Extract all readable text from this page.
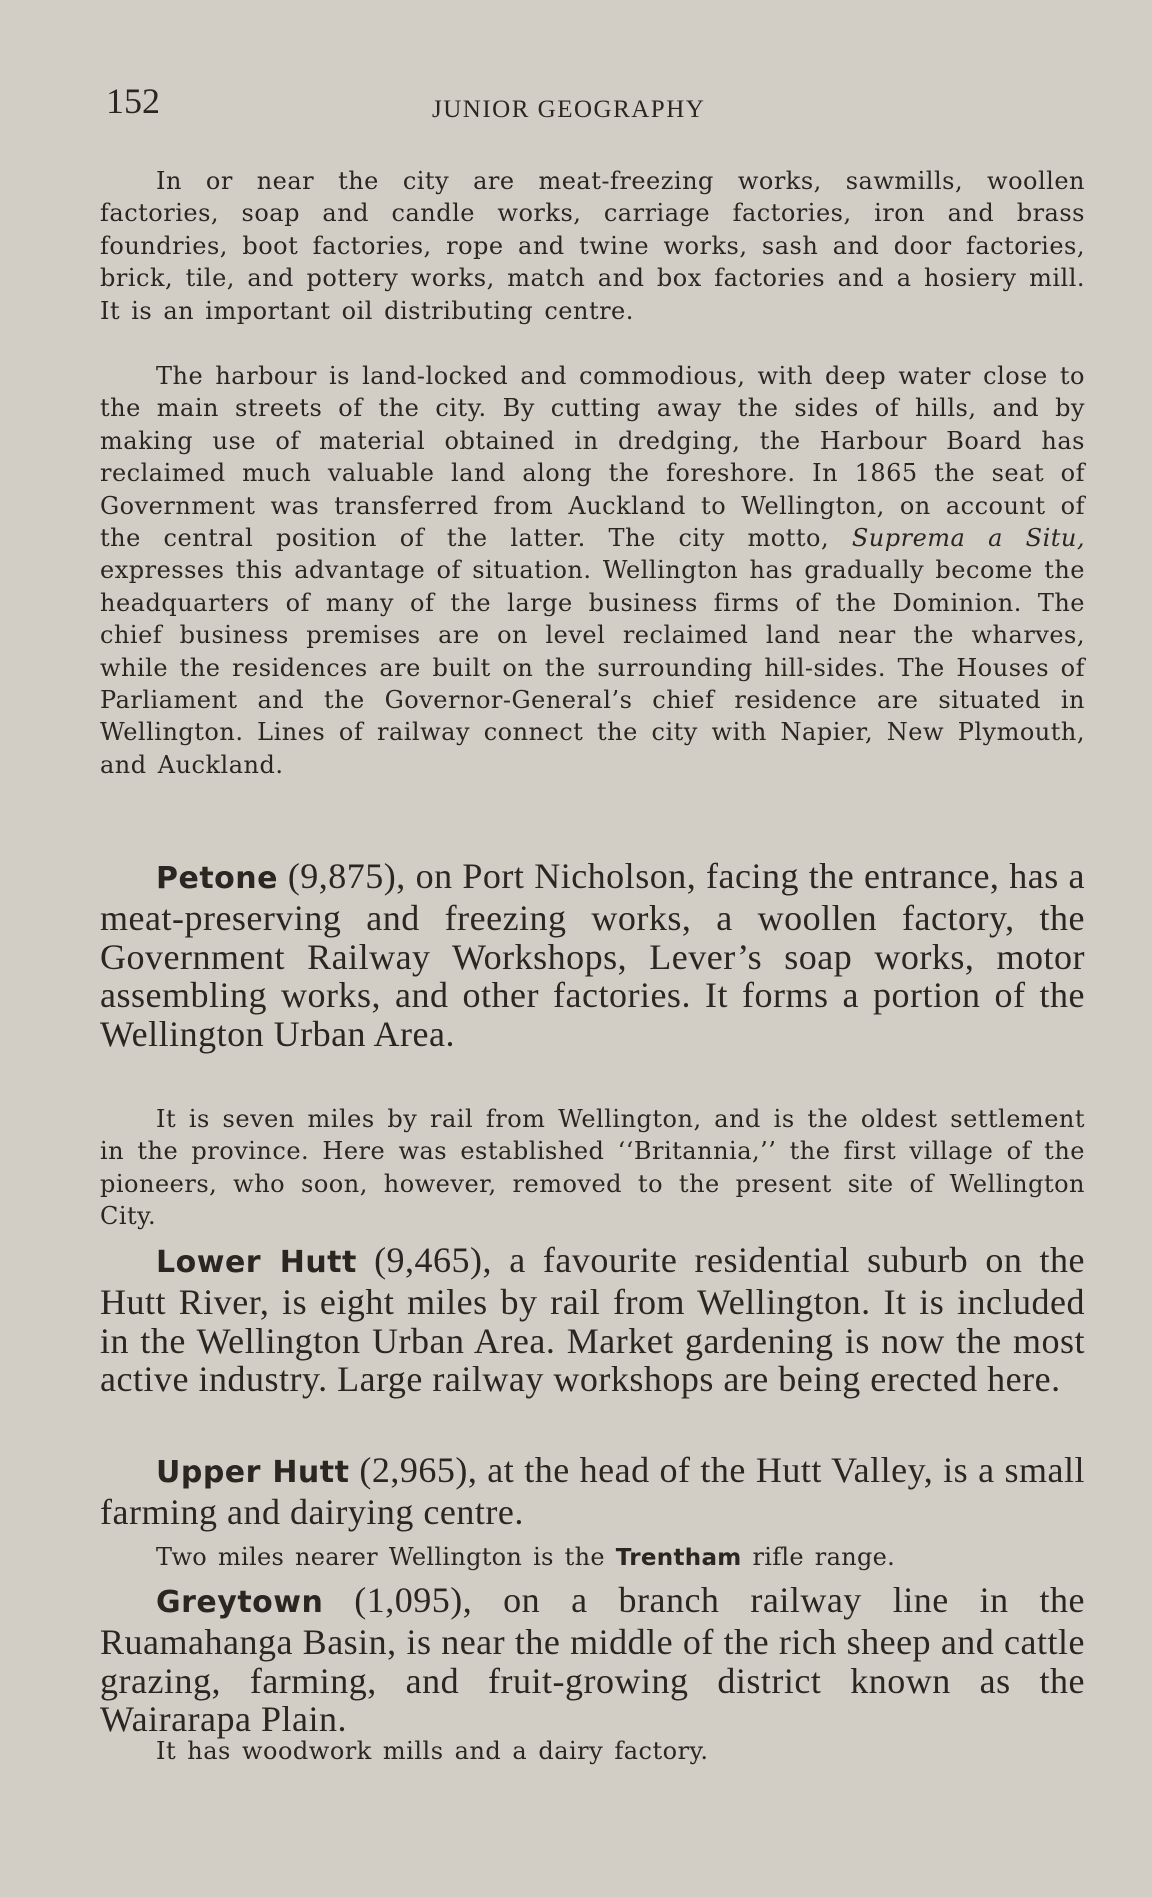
152	JUNIOR GEOGRAPHY

In or near the city are meat-freezing works, sawmills, woollen factories, soap and candle works, carriage factories, iron and brass foundries, boot factories, rope and twine works, sash and door factories, brick, tile, and pottery works, match and box factories and a hosiery mill. It is an important oil distributing centre.

The harbour is land-locked and commodious, with deep water close to the main streets of the city. By cutting away the sides of hills, and by making use of material obtained in dredging, the Harbour Board has reclaimed much valuable land along the foreshore. In 1865 the seat of Government was transferred from Auckland to Wellington, on account of the central position of the latter. The city motto, Suprema a Situ, expresses this advantage of situation. Wellington has gradually become the headquarters of many of the large business firms of the Dominion. The chief business premises are on level reclaimed land near the wharves, while the residences are built on the surrounding hill-sides. The Houses of Parliament and the Governor-General’s chief residence are situated in Wellington. Lines of railway connect the city with Napier, New Plymouth, and Auckland.

Petone (9,875), on Port Nicholson, facing the entrance, has a meat-preserving and freezing works, a woollen factory, the Government Railway Workshops, Lever’s soap works, motor assembling works, and other factories. It forms a portion of the Wellington Urban Area.

It is seven miles by rail from Wellington, and is the oldest settlement in the province. Here was established ‘‘Britannia,’’ the first village of the pioneers, who soon, however, removed to the present site of Wellington City.

Lower Hutt (9,465), a favourite residential suburb on the Hutt River, is eight miles by rail from Wellington. It is included in the Wellington Urban Area. Market gardening is now the most active industry. Large railway workshops are being erected here.

Upper Hutt (2,965), at the head of the Hutt Valley, is a small farming and dairying centre.

Two miles nearer Wellington is the Trentham rifle range.

Greytown (1,095), on a branch railway line in the Ruamahanga Basin, is near the middle of the rich sheep and cattle grazing, farming, and fruit-growing district known as the Wairarapa Plain.

It has woodwork mills and a dairy factory.
